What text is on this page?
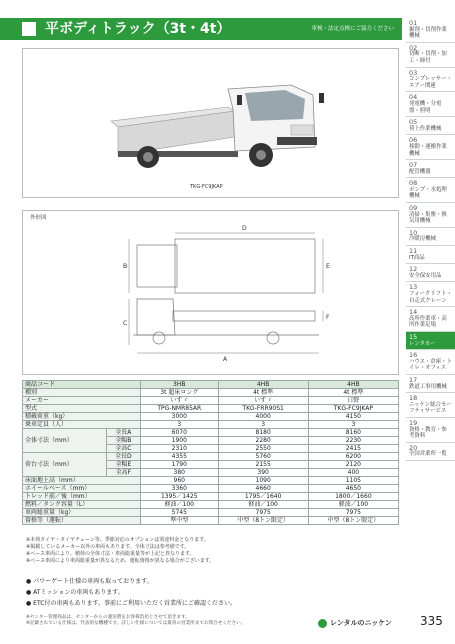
平ボディトラック（3t・4t）	車検・法定点検にご協力ください
TKG-FC9JKAP
D
B	E
C
F
A
外形図
商品コード		3HB	4HB	4HB
種別		3t 超床ロング	4t 標準	4t 標準
メーカー		いすゞ	いすゞ	日野
型式		TPG-NMR85AR	TKG-FRR90S1	TKG-FC9JKAP
積載荷重（kg）		3000	4000	4150
乗車定員（人）		3	3	3
全体寸法（mm）	全長A	6070	8180	8160
	全幅B	1900	2280	2230
	全高C	2310	2550	2415
荷台寸法（mm）	全長D	4355	5760	6200
	全幅E	1790	2155	2120
	全高F	380	390	400
床面地上高（mm）		960	1090	1105
ホイールベース（mm）		3360	4660	4650
トレッド前／後（mm）		1395／1425	1795／1640	1800／1660
燃料／タンク容量（L）		軽油／100	軽油／100	軽油／100
車両総重量（kg）		5745	7975	7975
資格等（運転）		準中型	中型（8トン限定）	中型（8トン限定）
※本荷タイヤ・タイヤチェーン等、季節対応のオプションは別途料金となります。
※掲載しているメーカー以外の車両もあります。全体寸法は参考値です。
※ベース車両により、積荷の全体寸法・車両総重量等が上記と異なります。
※ベース車両により車両総重量が異なるため、運転資格が異なる場合がございます。
● パワーゲート仕様の車両も取っております。
● ATミッションの車両もあります。
● ETC付の車両もあります。事前にご利用いただく営業所にご確認ください。
※センター管理商品は、センターからの運送費をお客様負担とさせて頂きます。
※記載されている仕様は、代表的な機種です。詳しい仕様については最寄の営業所までお問合せください。
01
掘削・切削作業機械
02
切断・切削・加工・締付
03
コンプレッサー・エアー関連
04
発電機・分電盤・照明
05
荷上作業機械
06
移動・運搬作業機械
07
配管機器
08
ポンプ・水処理機械
09
清掃・集塵・換気用機械
10
冷暖房機械
11
IT商品
12
安全保安用品
13
フォークリフト・自走式クレーン
14
高所作業車・高所作業足場
15
レンタカー
16
ハウス・倉庫・トイレ・オフィス
17
鉄道工事用機械
18
ニッケン総合セーフティサービス
19
資格・教育・参考資料
20
全国営業所一覧
レンタルのニッケン 335
